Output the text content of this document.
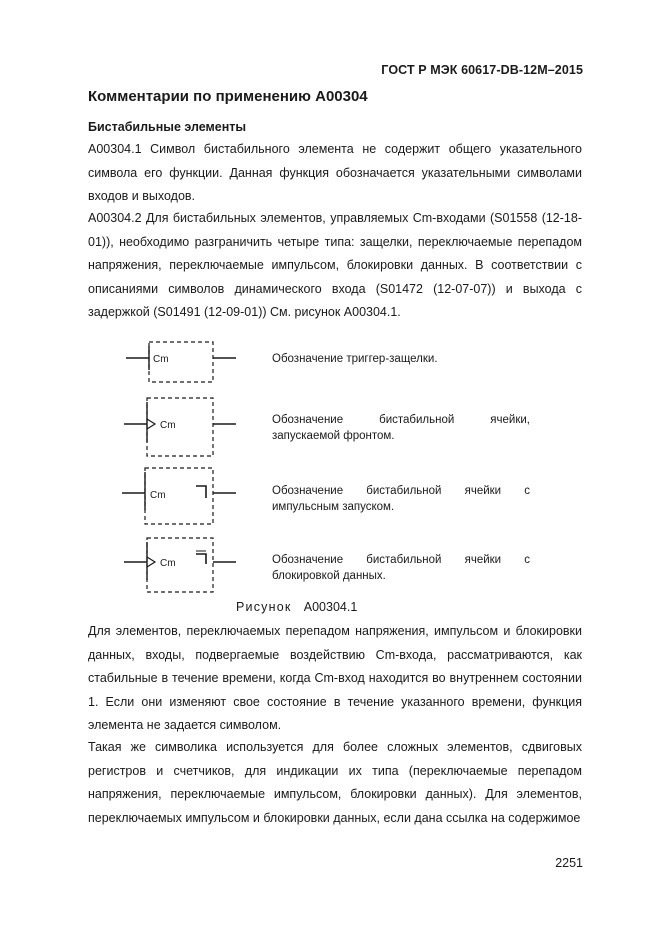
ГОСТ Р МЭК 60617-DB-12M–2015
Комментарии по применению A00304
Бистабильные элементы

A00304.1 Символ бистабильного элемента не содержит общего указательного символа его функции. Данная функция обозначается указательными символами входов и выходов.

A00304.2 Для бистабильных элементов, управляемых Cm-входами (S01558 (12-18-01)), необходимо разграничить четыре типа: защелки, переключаемые перепадом напряжения, переключаемые импульсом, блокировки данных. В соответствии с описаниями символов динамического входа (S01472 (12-07-07)) и выхода с задержкой (S01491 (12-09-01)) См. рисунок A00304.1.

Cm
Cm
Cm
Cm
Обозначение триггер-защелки.
Обозначение бистабильной ячейки,
запускаемой фронтом.
Обозначение бистабильной ячейки с
импульсным запуском.
Обозначение бистабильной ячейки с
блокировкой данных.
Рисунок A00304.1

Для элементов, переключаемых перепадом напряжения, импульсом и блокировки данных, входы, подвергаемые воздействию Cm-входа, рассматриваются, как стабильные в течение времени, когда Cm-вход находится во внутреннем состоянии 1. Если они изменяют свое состояние в течение указанного времени, функция элемента не задается символом.

Такая же символика используется для более сложных элементов, сдвиговых регистров и счетчиков, для индикации их типа (переключаемые перепадом напряжения, переключаемые импульсом, блокировки данных). Для элементов, переключаемых импульсом и блокировки данных, если дана ссылка на содержимое

2251
